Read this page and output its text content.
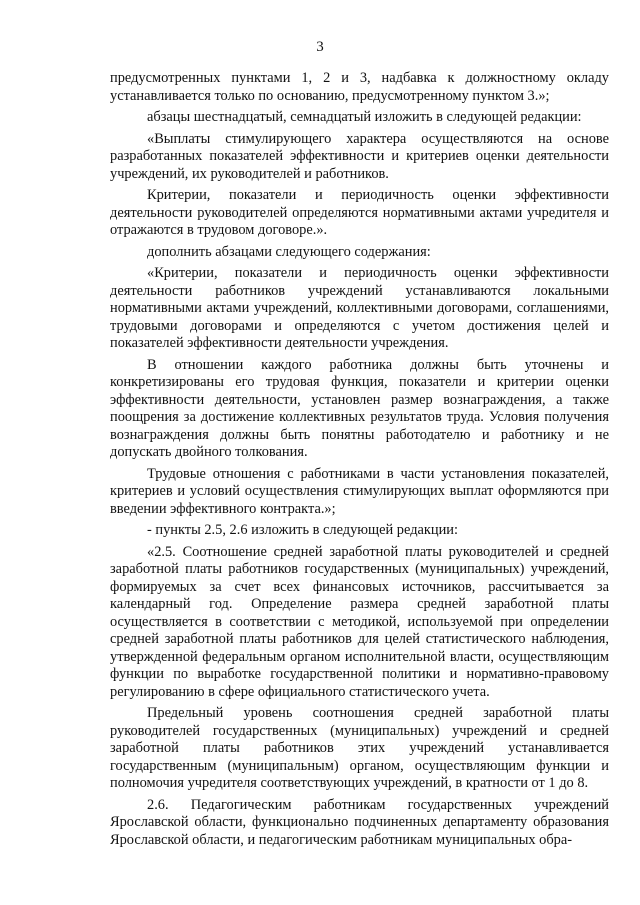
3

предусмотренных пунктами 1, 2 и 3, надбавка к должностному окладу устанавливается только по основанию, предусмотренному пунктом 3.»;

абзацы шестнадцатый, семнадцатый изложить в следующей редакции:

«Выплаты стимулирующего характера осуществляются на основе разработанных показателей эффективности и критериев оценки деятельности учреждений, их руководителей и работников.

Критерии, показатели и периодичность оценки эффективности деятельности руководителей определяются нормативными актами учредителя и отражаются в трудовом договоре.».

дополнить абзацами следующего содержания:

«Критерии, показатели и периодичность оценки эффективности деятельности работников учреждений устанавливаются локальными нормативными актами учреждений, коллективными договорами, соглашениями, трудовыми договорами и определяются с учетом достижения целей и показателей эффективности деятельности учреждения.

В отношении каждого работника должны быть уточнены и конкретизированы его трудовая функция, показатели и критерии оценки эффективности деятельности, установлен размер вознаграждения, а также поощрения за достижение коллективных результатов труда. Условия получения вознаграждения должны быть понятны работодателю и работнику и не допускать двойного толкования.

Трудовые отношения с работниками в части установления показателей, критериев и условий осуществления стимулирующих выплат оформляются при введении эффективного контракта.»;

- пункты 2.5, 2.6 изложить в следующей редакции:

«2.5. Соотношение средней заработной платы руководителей и средней заработной платы работников государственных (муниципальных) учреждений, формируемых за счет всех финансовых источников, рассчитывается за календарный год. Определение размера средней заработной платы осуществляется в соответствии с методикой, используемой при определении средней заработной платы работников для целей статистического наблюдения, утвержденной федеральным органом исполнительной власти, осуществляющим функции по выработке государственной политики и нормативно-правовому регулированию в сфере официального статистического учета.

Предельный уровень соотношения средней заработной платы руководителей государственных (муниципальных) учреждений и средней заработной платы работников этих учреждений устанавливается государственным (муниципальным) органом, осуществляющим функции и полномочия учредителя соответствующих учреждений, в кратности от 1 до 8.

2.6. Педагогическим работникам государственных учреждений Ярославской области, функционально подчиненных департаменту образования Ярославской области, и педагогическим работникам муниципальных обра-
